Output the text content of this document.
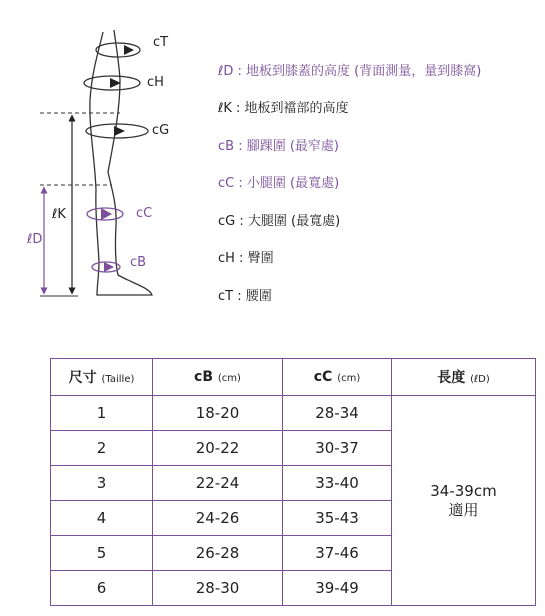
cT
cH
cG
cC
cB
ℓK
ℓD
ℓD : 地板到膝蓋的高度 (背面測量，量到膝窩)
ℓK : 地板到襠部的高度
cB : 腳踝圍 (最窄處)
cC : 小腿圍 (最寬處)
cG : 大腿圍 (最寬處)
cH : 臀圍
cT : 腰圍
尺寸 (Taille)	cB (cm)	cC (cm)	長度 (ℓD)
1	18-20	28-34	34-39cm
適用

2	20-22	30-37	
3	22-24	33-40	
4	24-26	35-43	
5	26-28	37-46	
6	28-30	39-49	
